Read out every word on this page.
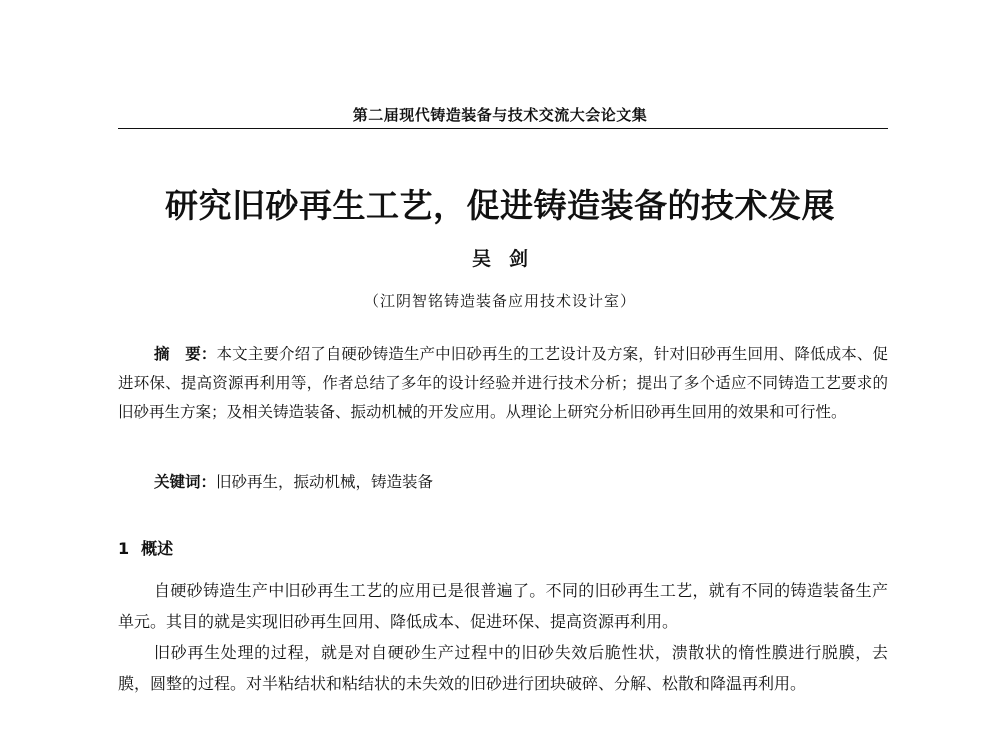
第二届现代铸造装备与技术交流大会论文集
研究旧砂再生工艺，促进铸造装备的技术发展
吴剑
（江阴智铭铸造装备应用技术设计室）

摘　要：本文主要介绍了自硬砂铸造生产中旧砂再生的工艺设计及方案，针对旧砂再生回用、降低成本、促进环保、提高资源再利用等，作者总结了多年的设计经验并进行技术分析；提出了多个适应不同铸造工艺要求的旧砂再生方案；及相关铸造装备、振动机械的开发应用。从理论上研究分析旧砂再生回用的效果和可行性。

关键词：旧砂再生，振动机械，铸造装备

1 概述

自硬砂铸造生产中旧砂再生工艺的应用已是很普遍了。不同的旧砂再生工艺，就有不同的铸造装备生产单元。其目的就是实现旧砂再生回用、降低成本、促进环保、提高资源再利用。

旧砂再生处理的过程，就是对自硬砂生产过程中的旧砂失效后脆性状，溃散状的惰性膜进行脱膜，去膜，圆整的过程。对半粘结状和粘结状的未失效的旧砂进行团块破碎、分解、松散和降温再利用。
